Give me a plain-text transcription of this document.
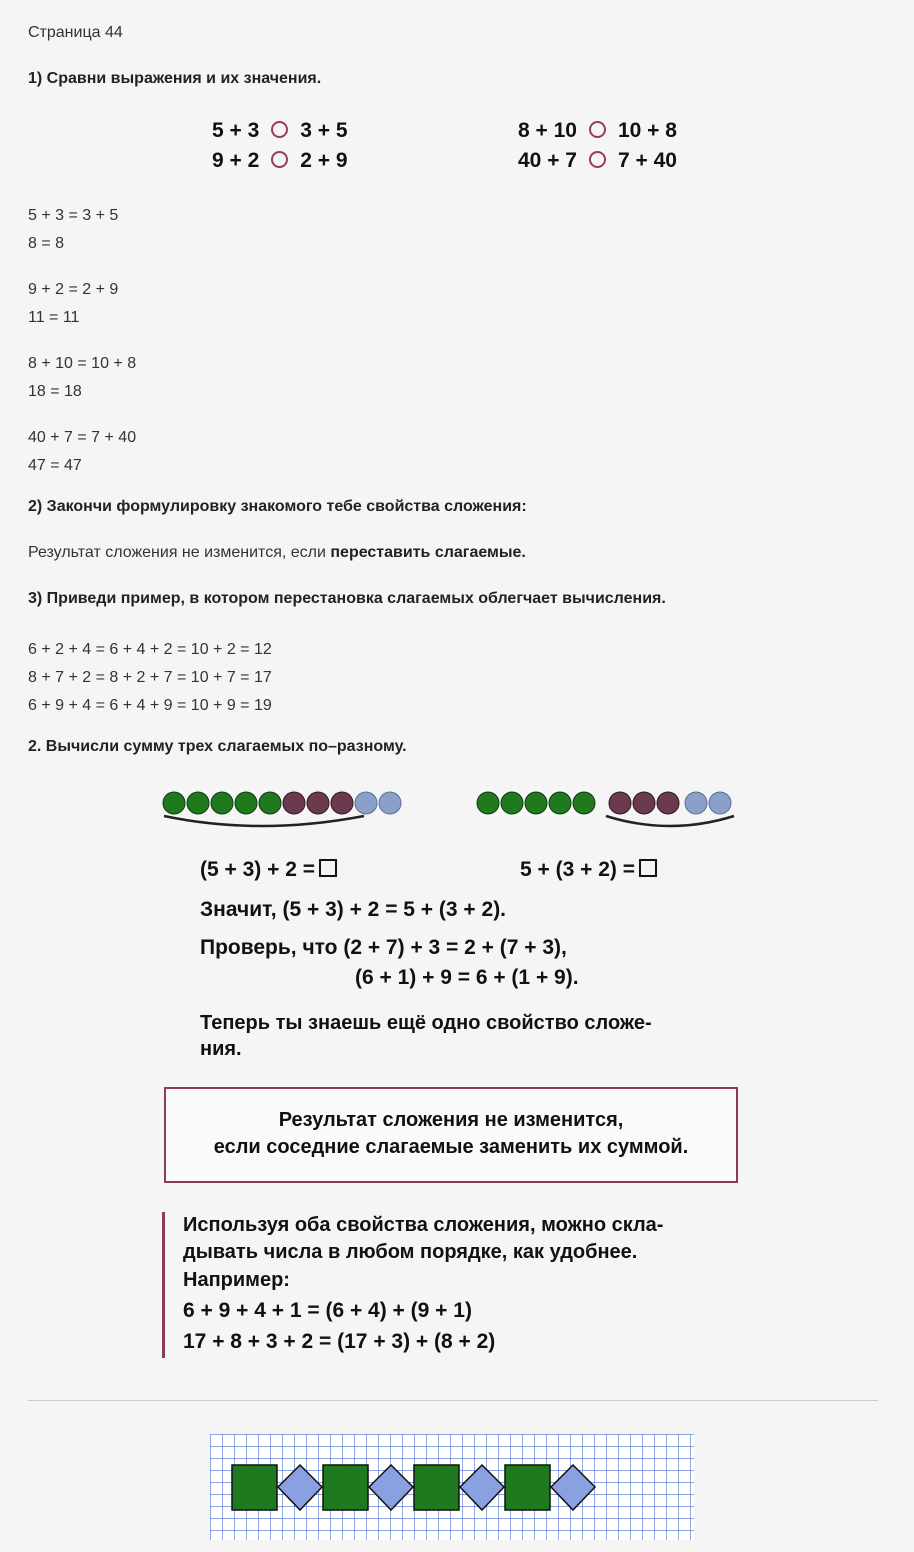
Страница 44
1) Сравни выражения и их значения.
5 + 3 3 + 5
9 + 2 2 + 9
8 + 10 10 + 8
40 + 7 7 + 40
5 + 3 = 3 + 5
8 = 8
9 + 2 = 2 + 9
11 = 11
8 + 10 = 10 + 8
18 = 18
40 + 7 = 7 + 40
47 = 47
2) Закончи формулировку знакомого тебе свойства сложения:
Результат сложения не изменится, если переставить слагаемые.
3) Приведи пример, в котором перестановка слагаемых облегчает вычисления.
6 + 2 + 4 = 6 + 4 + 2 = 10 + 2 = 12
8 + 7 + 2 = 8 + 2 + 7 = 10 + 7 = 17
6 + 9 + 4 = 6 + 4 + 9 = 10 + 9 = 19
2. Вычисли сумму трех слагаемых по–разному.
(5 + 3) + 2 =	5 + (3 + 2) =
Значит, (5 + 3) + 2 = 5 + (3 + 2).
Проверь, что (2 + 7) + 3 = 2 + (7 + 3),
(6 + 1) + 9 = 6 + (1 + 9).
Теперь ты знаешь ещё одно свойство сложе-
ния.
Результат сложения не изменится,
если соседние слагаемые заменить их суммой.
Используя оба свойства сложения, можно скла-
дывать числа в любом порядке, как удобнее.
Например:
6 + 9 + 4 + 1 = (6 + 4) + (9 + 1)
17 + 8 + 3 + 2 = (17 + 3) + (8 + 2)
